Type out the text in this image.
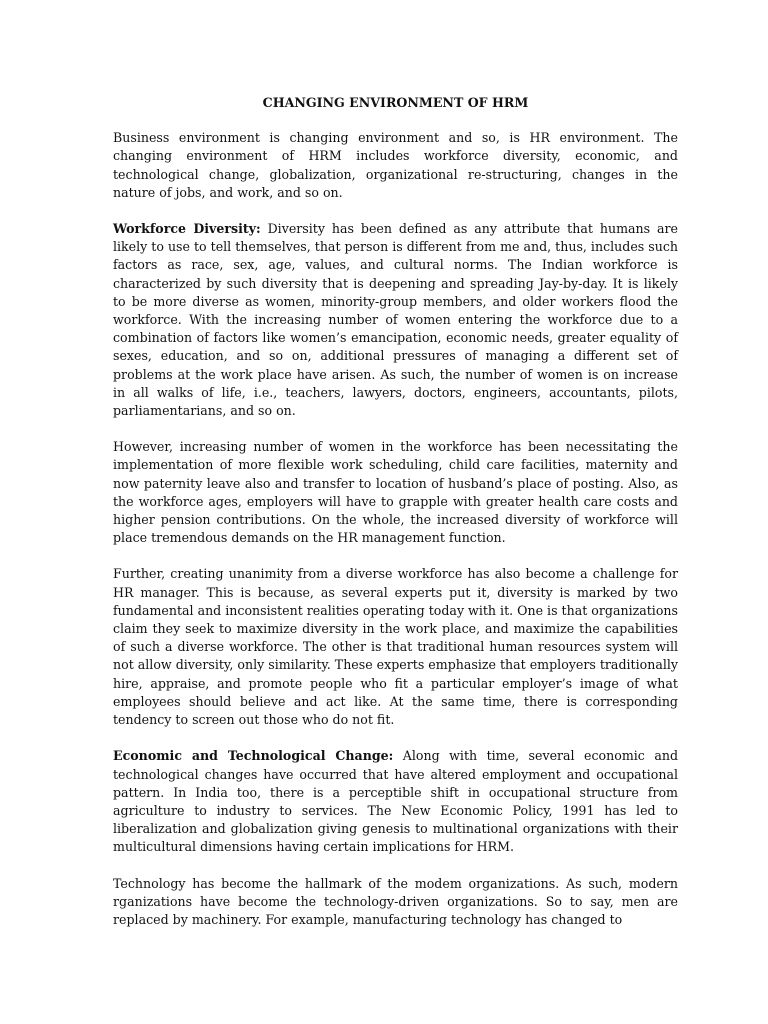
CHANGING ENVIRONMENT OF HRM

Business environment is changing environment and so, is HR environment. The changing environment of HRM includes workforce diversity, economic, and technological change, globalization, organizational re-structuring, changes in the nature of jobs, and work, and so on.

Workforce Diversity: Diversity has been defined as any attribute that humans are likely to use to tell themselves, that person is different from me and, thus, includes such factors as race, sex, age, values, and cultural norms. The Indian workforce is characterized by such diversity that is deepening and spreading Jay-by-day. It is likely to be more diverse as women, minority-group members, and older workers flood the workforce. With the increasing number of women entering the workforce due to a combination of factors like women’s emancipation, economic needs, greater equality of sexes, education, and so on, additional pressures of managing a different set of problems at the work place have arisen. As such, the number of women is on increase in all walks of life, i.e., teachers, lawyers, doctors, engineers, accountants, pilots, parliamentarians, and so on.

However, increasing number of women in the workforce has been necessitating the implementation of more flexible work scheduling, child care facilities, maternity and now paternity leave also and transfer to location of husband’s place of posting. Also, as the workforce ages, employers will have to grapple with greater health care costs and higher pension contributions. On the whole, the increased diversity of workforce will place tremendous demands on the HR management function.

Further, creating unanimity from a diverse workforce has also become a challenge for HR manager. This is because, as several experts put it, diversity is marked by two fundamental and inconsistent realities operating today with it. One is that organizations claim they seek to maximize diversity in the work place, and maximize the capabilities of such a diverse workforce. The other is that traditional human resources system will not allow diversity, only similarity. These experts emphasize that employers traditionally hire, appraise, and promote people who fit a particular employer’s image of what employees should believe and act like. At the same time, there is corresponding tendency to screen out those who do not fit.

Economic and Technological Change: Along with time, several economic and technological changes have occurred that have altered employment and occupational pattern. In India too, there is a perceptible shift in occupational structure from agriculture to industry to services. The New Economic Policy, 1991 has led to liberalization and globalization giving genesis to multinational organizations with their multicultural dimensions having certain implications for HRM.

Technology has become the hallmark of the modem organizations. As such, modern rganizations have become the technology-driven organizations. So to say, men are replaced by machinery. For example, manufacturing technology has changed to
